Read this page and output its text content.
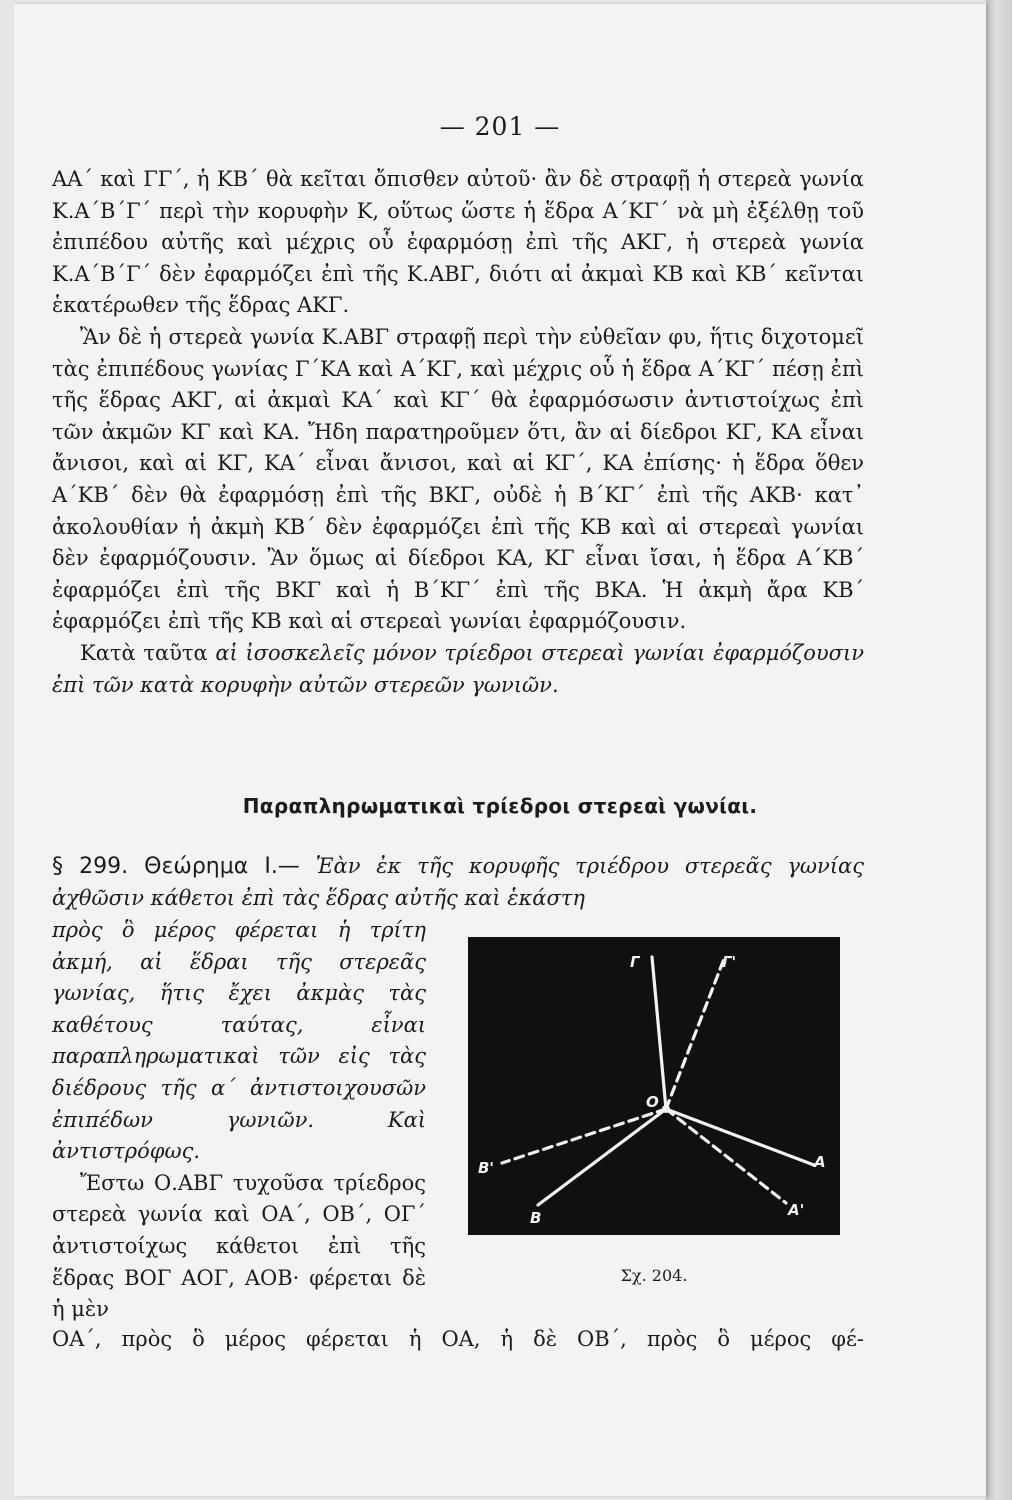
— 201 —

ΑΑ΄ καὶ ΓΓ΄, ἡ ΚΒ΄ θὰ κεῖται ὄπισθεν αὐτοῦ· ἂν δὲ στραφῇ ἡ στερεὰ γωνία Κ.Α΄Β΄Γ΄ περὶ τὴν κορυφὴν Κ, οὕτως ὥστε ἡ ἕδρα Α΄ΚΓ΄ νὰ μὴ ἐξέλθῃ τοῦ ἐπιπέδου αὐτῆς καὶ μέχρις οὗ ἐφαρμόσῃ ἐπὶ τῆς ΑΚΓ, ἡ στερεὰ γωνία Κ.Α΄Β΄Γ΄ δὲν ἐφαρμόζει ἐπὶ τῆς Κ.ΑΒΓ, διότι αἱ ἀκμαὶ ΚΒ καὶ ΚΒ΄ κεῖνται ἑκατέρωθεν τῆς ἕδρας ΑΚΓ.

Ἂν δὲ ἡ στερεὰ γωνία Κ.ΑΒΓ στραφῇ περὶ τὴν εὐθεῖαν φυ, ἥτις διχοτομεῖ τὰς ἐπιπέδους γωνίας Γ΄ΚΑ καὶ Α΄ΚΓ, καὶ μέχρις οὗ ἡ ἕδρα Α΄ΚΓ΄ πέσῃ ἐπὶ τῆς ἕδρας ΑΚΓ, αἱ ἀκμαὶ ΚΑ΄ καὶ ΚΓ΄ θὰ ἐφαρμόσωσιν ἀντιστοίχως ἐπὶ τῶν ἀκμῶν ΚΓ καὶ ΚΑ. Ἤδη παρατηροῦμεν ὅτι, ἂν αἱ δίεδροι ΚΓ, ΚΑ εἶναι ἄνισοι, καὶ αἱ ΚΓ, ΚΑ΄ εἶναι ἄνισοι, καὶ αἱ ΚΓ΄, ΚΑ ἐπίσης· ἡ ἕδρα ὅθεν Α΄ΚΒ΄ δὲν θὰ ἐφαρμόσῃ ἐπὶ τῆς ΒΚΓ, οὐδὲ ἡ Β΄ΚΓ΄ ἐπὶ τῆς ΑΚΒ· κατ᾽ ἀκολουθίαν ἡ ἀκμὴ ΚΒ΄ δὲν ἐφαρμόζει ἐπὶ τῆς ΚΒ καὶ αἱ στερεαὶ γωνίαι δὲν ἐφαρμόζουσιν. Ἂν ὅμως αἱ δίεδροι ΚΑ, ΚΓ εἶναι ἴσαι, ἡ ἕδρα Α΄ΚΒ΄ ἐφαρμόζει ἐπὶ τῆς ΒΚΓ καὶ ἡ Β΄ΚΓ΄ ἐπὶ τῆς ΒΚΑ. Ἡ ἀκμὴ ἄρα ΚΒ΄ ἐφαρμόζει ἐπὶ τῆς ΚΒ καὶ αἱ στερεαὶ γωνίαι ἐφαρμόζουσιν.

Κατὰ ταῦτα αἱ ἰσοσκελεῖς μόνον τρίεδροι στερεαὶ γωνίαι ἐφαρμόζουσιν ἐπὶ τῶν κατὰ κορυφὴν αὐτῶν στερεῶν γωνιῶν.

Παραπληρωματικαὶ τρίεδροι στερεαὶ γωνίαι.
§ 299. Θεώρημα Ι.— Ἐὰν ἐκ τῆς κορυφῆς τριέδρου στερεᾶς γωνίας ἀχθῶσιν κάθετοι ἐπὶ τὰς ἕδρας αὐτῆς καὶ ἑκάστη

πρὸς ὃ μέρος φέρεται ἡ τρίτη ἀκμή, αἱ ἕδραι τῆς στερεᾶς γωνίας, ἥτις ἔχει ἀκμὰς τὰς καθέτους ταύτας, εἶναι παραπληρωματικαὶ τῶν εἰς τὰς διέδρους τῆς α΄ ἀντιστοιχουσῶν ἐπιπέδων γωνιῶν. Καὶ ἀντιστρόφως.

Ἔστω Ο.ΑΒΓ τυχοῦσα τρίεδρος στερεὰ γωνία καὶ ΟΑ΄, ΟΒ΄, ΟΓ΄ ἀντιστοίχως κάθετοι ἐπὶ τῆς ἕδρας ΒΟΓ ΑΟΓ, ΑΟΒ· φέρεται δὲ ἡ μὲν

ΟΑ΄, πρὸς ὃ μέρος φέρεται ἡ ΟΑ, ἡ δὲ ΟΒ΄, πρὸς ὃ μέρος φέ-
Γ	Γ'
O
B'
B
A
A'
Σχ. 204.
